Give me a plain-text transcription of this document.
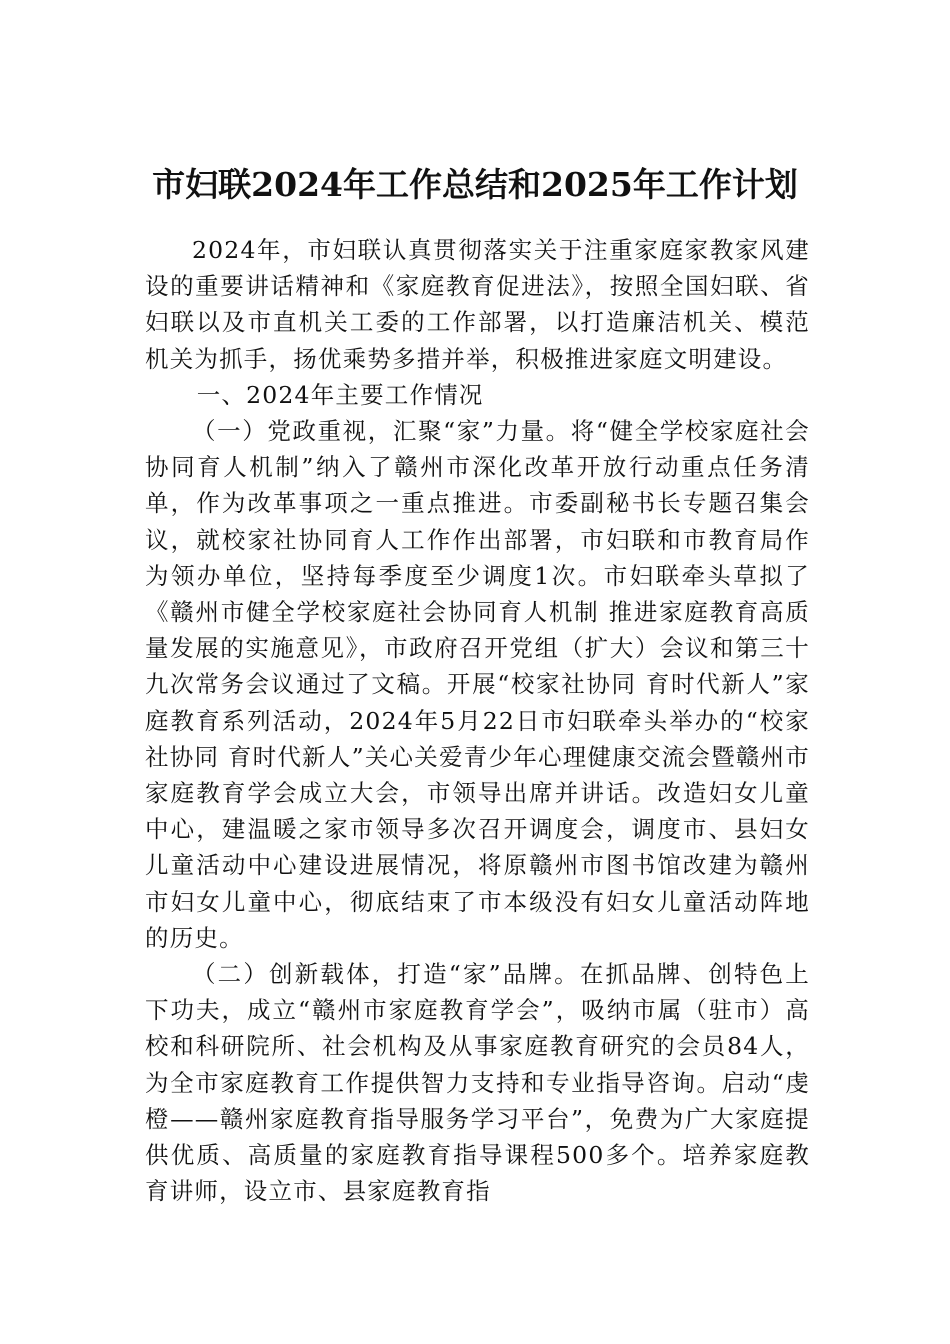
市妇联2024年工作总结和2025年工作计划

2024年，市妇联认真贯彻落实关于注重家庭家教家风建设的重要讲话精神和《家庭教育促进法》，按照全国妇联、省妇联以及市直机关工委的工作部署，以打造廉洁机关、模范机关为抓手，扬优乘势多措并举，积极推进家庭文明建设。

一、2024年主要工作情况

（一）党政重视，汇聚“家”力量。将“健全学校家庭社会协同育人机制”纳入了赣州市深化改革开放行动重点任务清单，作为改革事项之一重点推进。市委副秘书长专题召集会议，就校家社协同育人工作作出部署，市妇联和市教育局作为领办单位，坚持每季度至少调度1次。市妇联牵头草拟了《赣州市健全学校家庭社会协同育人机制 推进家庭教育高质量发展的实施意见》，市政府召开党组（扩大）会议和第三十九次常务会议通过了文稿。开展“校家社协同 育时代新人”家庭教育系列活动，2024年5月22日市妇联牵头举办的“校家社协同 育时代新人”关心关爱青少年心理健康交流会暨赣州市家庭教育学会成立大会，市领导出席并讲话。改造妇女儿童中心，建温暖之家市领导多次召开调度会，调度市、县妇女儿童活动中心建设进展情况，将原赣州市图书馆改建为赣州市妇女儿童中心，彻底结束了市本级没有妇女儿童活动阵地的历史。

（二）创新载体，打造“家”品牌。在抓品牌、创特色上下功夫，成立“赣州市家庭教育学会”，吸纳市属（驻市）高校和科研院所、社会机构及从事家庭教育研究的会员84人，为全市家庭教育工作提供智力支持和专业指导咨询。启动“虔橙——赣州家庭教育指导服务学习平台”，免费为广大家庭提供优质、高质量的家庭教育指导课程500多个。培养家庭教育讲师，设立市、县家庭教育指
